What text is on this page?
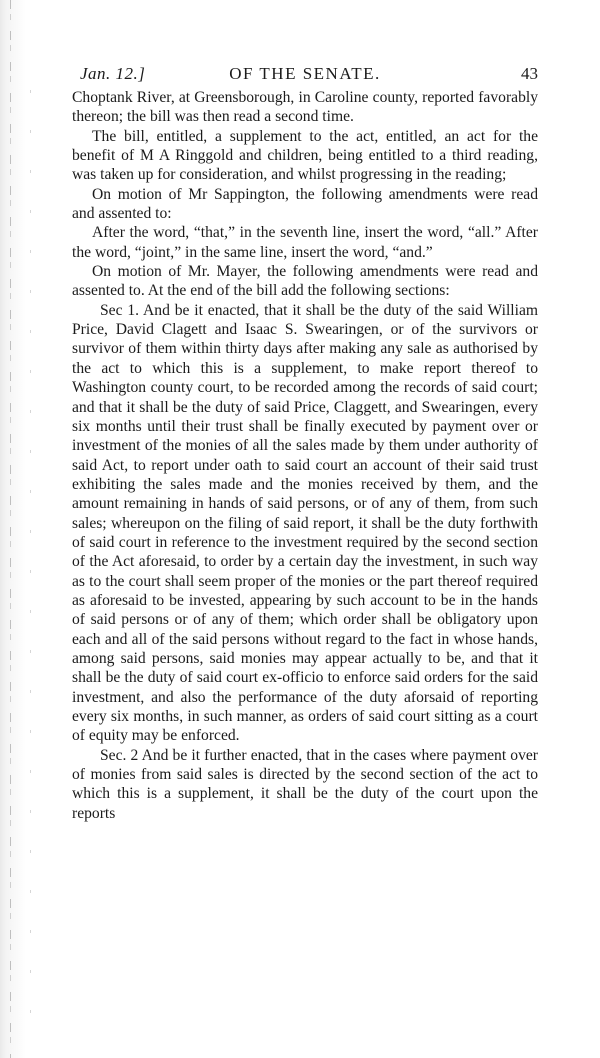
Jan. 12.]	OF THE SENATE.	43

Choptank River, at Greensborough, in Caroline county, reported favorably thereon; the bill was then read a second time.

The bill, entitled, a supplement to the act, entitled, an act for the benefit of M A Ringgold and children, being entitled to a third reading, was taken up for consideration, and whilst progressing in the reading;

On motion of Mr Sappington, the following amendments were read and assented to:

After the word, “that,” in the seventh line, insert the word, “all.” After the word, “joint,” in the same line, insert the word, “and.”

On motion of Mr. Mayer, the following amendments were read and assented to. At the end of the bill add the following sections:

Sec 1. And be it enacted, that it shall be the duty of the said William Price, David Clagett and Isaac S. Swearingen, or of the survivors or survivor of them within thirty days after making any sale as authorised by the act to which this is a supplement, to make report thereof to Washington county court, to be recorded among the records of said court; and that it shall be the duty of said Price, Claggett, and Swearingen, every six months until their trust shall be finally executed by payment over or investment of the monies of all the sales made by them under authority of said Act, to report under oath to said court an account of their said trust exhibiting the sales made and the monies received by them, and the amount remaining in hands of said persons, or of any of them, from such sales; whereupon on the filing of said report, it shall be the duty forthwith of said court in reference to the investment required by the second section of the Act aforesaid, to order by a certain day the investment, in such way as to the court shall seem proper of the monies or the part thereof required as aforesaid to be invested, appearing by such account to be in the hands of said persons or of any of them; which order shall be obligatory upon each and all of the said persons without regard to the fact in whose hands, among said persons, said monies may appear actually to be, and that it shall be the duty of said court ex-officio to enforce said orders for the said investment, and also the performance of the duty aforsaid of reporting every six months, in such manner, as orders of said court sitting as a court of equity may be enforced.

Sec. 2 And be it further enacted, that in the cases where payment over of monies from said sales is directed by the second section of the act to which this is a supplement, it shall be the duty of the court upon the reports
